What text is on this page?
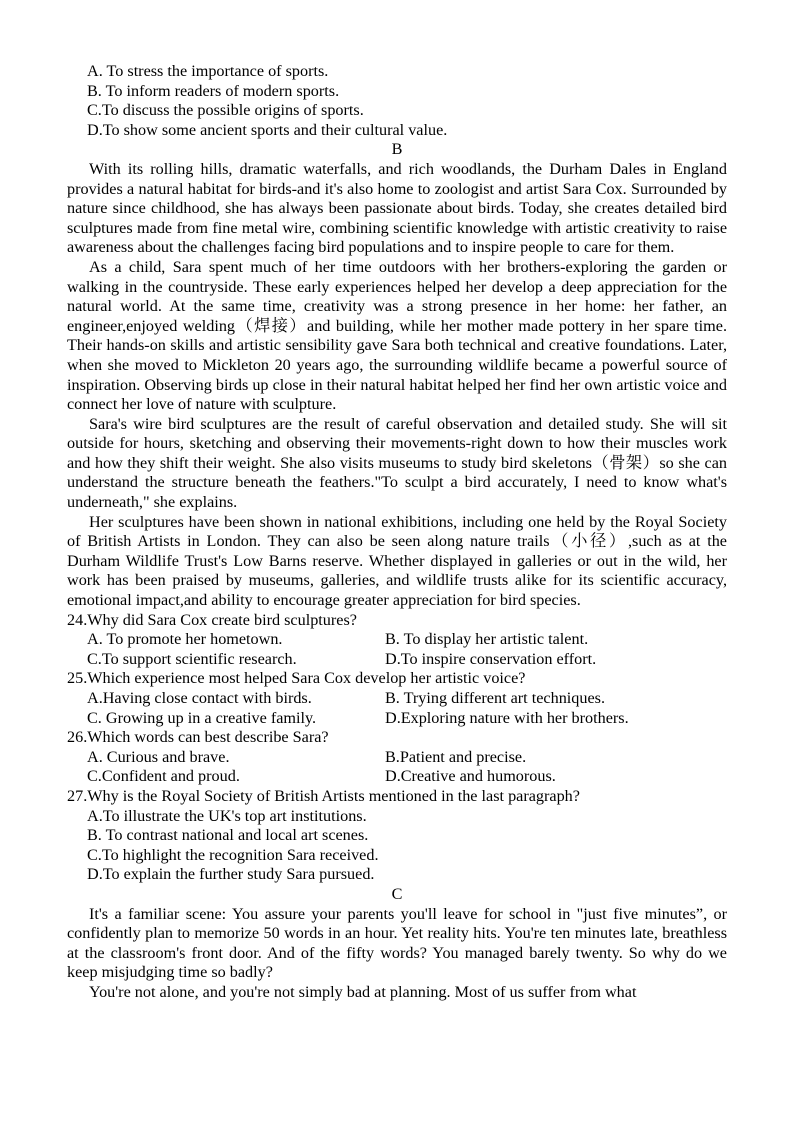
A. To stress the importance of sports.
B. To inform readers of modern sports.
C.To discuss the possible origins of sports.
D.To show some ancient sports and their cultural value.
B

With its rolling hills, dramatic waterfalls, and rich woodlands, the Durham Dales in England provides a natural habitat for birds-and it's also home to zoologist and artist Sara Cox. Surrounded by nature since childhood, she has always been passionate about birds. Today, she creates detailed bird sculptures made from fine metal wire, combining scientific knowledge with artistic creativity to raise awareness about the challenges facing bird populations and to inspire people to care for them.

As a child, Sara spent much of her time outdoors with her brothers-exploring the garden or walking in the countryside. These early experiences helped her develop a deep appreciation for the natural world. At the same time, creativity was a strong presence in her home: her father, an engineer,enjoyed welding（焊接）and building, while her mother made pottery in her spare time. Their hands-on skills and artistic sensibility gave Sara both technical and creative foundations. Later, when she moved to Mickleton 20 years ago, the surrounding wildlife became a powerful source of inspiration. Observing birds up close in their natural habitat helped her find her own artistic voice and connect her love of nature with sculpture.

Sara's wire bird sculptures are the result of careful observation and detailed study. She will sit outside for hours, sketching and observing their movements-right down to how their muscles work and how they shift their weight. She also visits museums to study bird skeletons（骨架）so she can understand the structure beneath the feathers."To sculpt a bird accurately, I need to know what's underneath," she explains.

Her sculptures have been shown in national exhibitions, including one held by the Royal Society of British Artists in London. They can also be seen along nature trails（小径）,such as at the Durham Wildlife Trust's Low Barns reserve. Whether displayed in galleries or out in the wild, her work has been praised by museums, galleries, and wildlife trusts alike for its scientific accuracy, emotional impact,and ability to encourage greater appreciation for bird species.

24.Why did Sara Cox create bird sculptures?
A. To promote her hometown.	B. To display her artistic talent.
C.To support scientific research.	D.To inspire conservation effort.
25.Which experience most helped Sara Cox develop her artistic voice?
A.Having close contact with birds.	B. Trying different art techniques.
C. Growing up in a creative family.	D.Exploring nature with her brothers.
26.Which words can best describe Sara?
A. Curious and brave.	B.Patient and precise.
C.Confident and proud.	D.Creative and humorous.
27.Why is the Royal Society of British Artists mentioned in the last paragraph?
A.To illustrate the UK's top art institutions.
B. To contrast national and local art scenes.
C.To highlight the recognition Sara received.
D.To explain the further study Sara pursued.
C

It's a familiar scene: You assure your parents you'll leave for school in "just five minutes”, or confidently plan to memorize 50 words in an hour. Yet reality hits. You're ten minutes late, breathless at the classroom's front door. And of the fifty words? You managed barely twenty. So why do we keep misjudging time so badly?

You're not alone, and you're not simply bad at planning. Most of us suffer from what
